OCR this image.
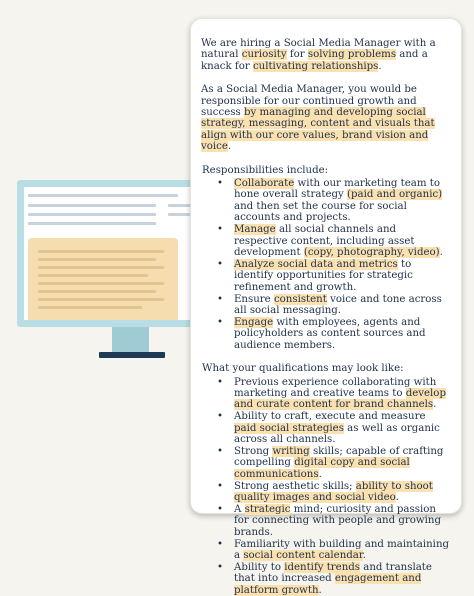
We are hiring a Social Media Manager with a natural curiosity for solving problems and a knack for cultivating relationships.

As a Social Media Manager, you would be responsible for our continued growth and success by managing and developing social strategy, messaging, content and visuals that align with our core values, brand vision and voice.

Responsibilities include:
• Collaborate with our marketing team to hone overall strategy (paid and organic) and then set the course for social accounts and projects.
• Manage all social channels and respective content, including asset development (copy, photography, video).
• Analyze social data and metrics to identify opportunities for strategic refinement and growth.
• Ensure consistent voice and tone across all social messaging.
• Engage with employees, agents and policyholders as content sources and audience members.
What your qualifications may look like:
• Previous experience collaborating with marketing and creative teams to develop and curate content for brand channels.
• Ability to craft, execute and measure paid social strategies as well as organic across all channels.
• Strong writing skills; capable of crafting compelling digital copy and social communications.
• Strong aesthetic skills; ability to shoot quality images and social video.
• A strategic mind; curiosity and passion for connecting with people and growing brands.
• Familiarity with building and maintaining a social content calendar.
• Ability to identify trends and translate that into increased engagement and platform growth.
